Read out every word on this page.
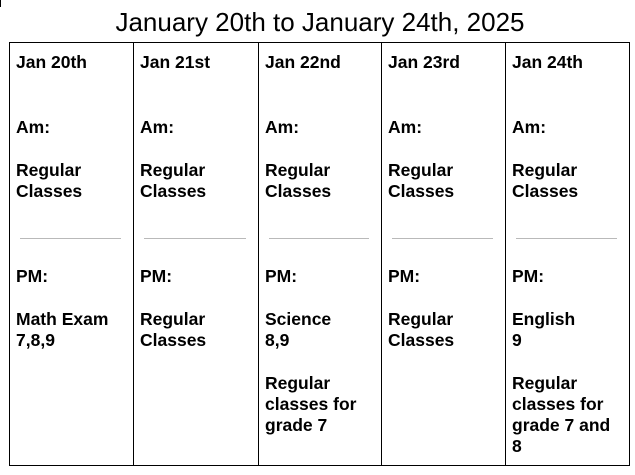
January 20th to January 24th, 2025
Jan 20th
Am:
Regular
Classes
PM:
Math Exam
7,8,9
Jan 21st
Am:
Regular
Classes
PM:
Regular
Classes
Jan 22nd
Am:
Regular
Classes
PM:
Science
8,9
Regular classes for grade 7
Jan 23rd
Am:
Regular
Classes
PM:
Regular
Classes
Jan 24th
Am:
Regular
Classes
PM:
English
9
Regular classes for grade 7 and 8
